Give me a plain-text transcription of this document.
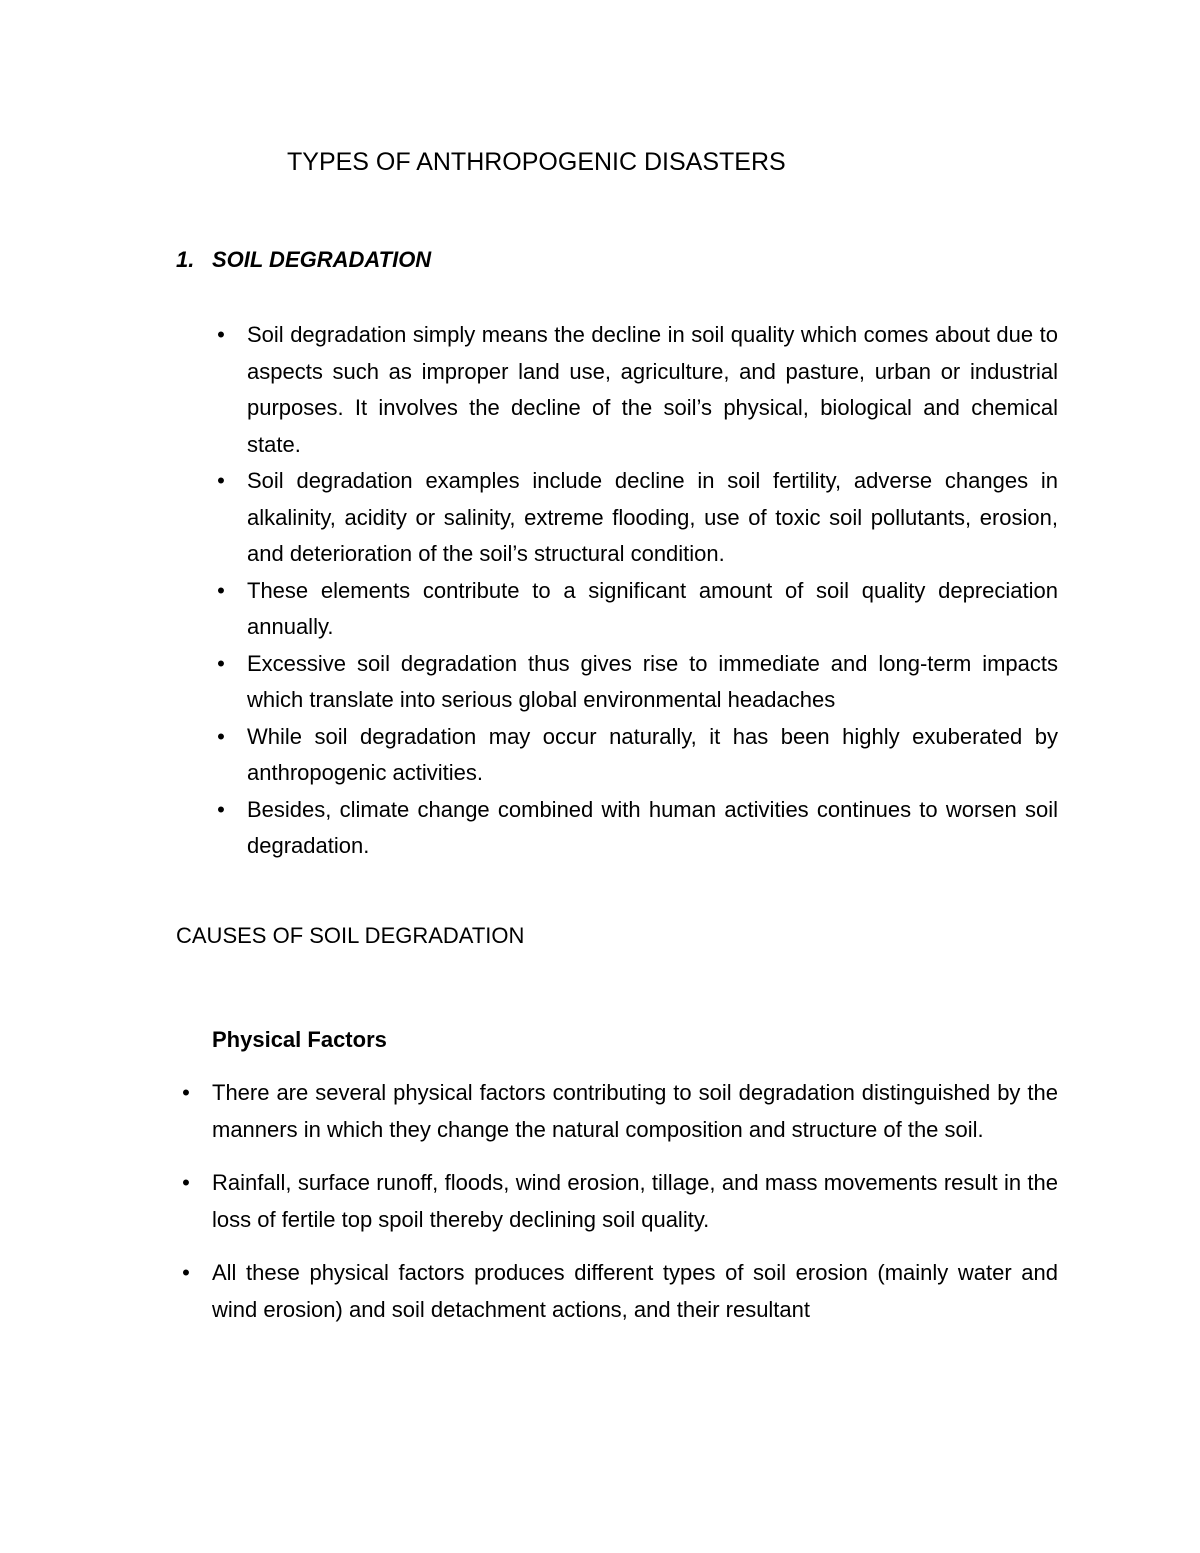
TYPES OF ANTHROPOGENIC DISASTERS
1. SOIL DEGRADATION
• Soil degradation simply means the decline in soil quality which comes about due to aspects such as improper land use, agriculture, and pasture, urban or industrial purposes. It involves the decline of the soil’s physical, biological and chemical state.
• Soil degradation examples include decline in soil fertility, adverse changes in alkalinity, acidity or salinity, extreme flooding, use of toxic soil pollutants, erosion, and deterioration of the soil’s structural condition.
• These elements contribute to a significant amount of soil quality depreciation annually.
• Excessive soil degradation thus gives rise to immediate and long-term impacts which translate into serious global environmental headaches
• While soil degradation may occur naturally, it has been highly exuberated by anthropogenic activities.
• Besides, climate change combined with human activities continues to worsen soil degradation.
CAUSES OF SOIL DEGRADATION
Physical Factors
• There are several physical factors contributing to soil degradation distinguished by the manners in which they change the natural composition and structure of the soil.
• Rainfall, surface runoff, floods, wind erosion, tillage, and mass movements result in the loss of fertile top spoil thereby declining soil quality.
• All these physical factors produces different types of soil erosion (mainly water and wind erosion) and soil detachment actions, and their resultant
